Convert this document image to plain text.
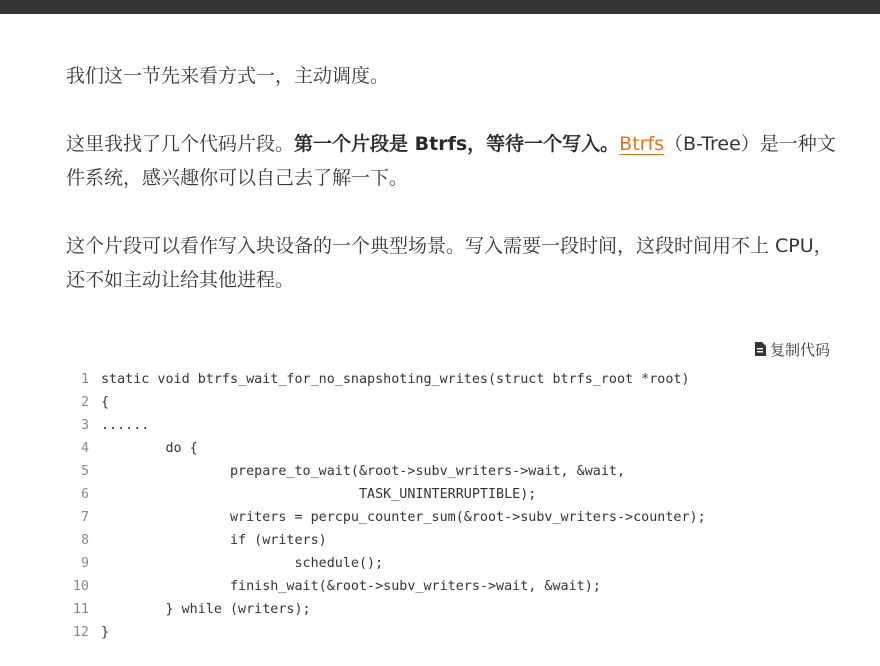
我们这一节先来看方式一，主动调度。
这里我找了几个代码片段。第一个片段是 Btrfs，等待一个写入。Btrfs（B-Tree）是一种文件系统，感兴趣你可以自己去了解一下。
这个片段可以看作写入块设备的一个典型场景。写入需要一段时间，这段时间用不上 CPU，还不如主动让给其他进程。
复制代码
1 static void btrfs_wait_for_no_snapshoting_writes(struct btrfs_root *root)
2 {
3 ......
4 do {
5 prepare_to_wait(&root->subv_writers->wait, &wait,
6 TASK_UNINTERRUPTIBLE);
7 writers = percpu_counter_sum(&root->subv_writers->counter);
8 if (writers)
9 schedule();
10 finish_wait(&root->subv_writers->wait, &wait);
11 } while (writers);
12 }
